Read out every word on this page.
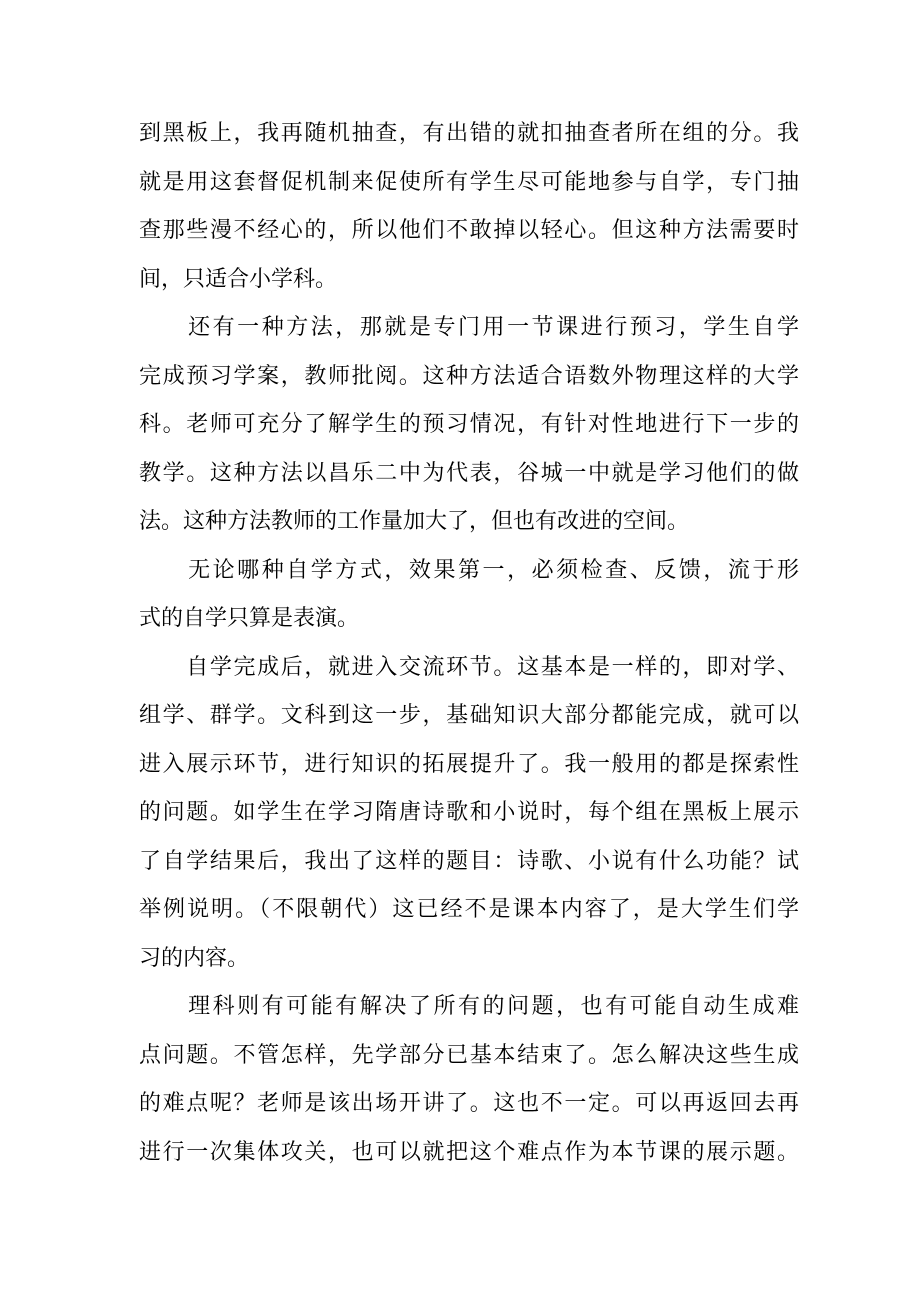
到黑板上，我再随机抽查，有出错的就扣抽查者所在组的分。我
就是用这套督促机制来促使所有学生尽可能地参与自学，专门抽
查那些漫不经心的，所以他们不敢掉以轻心。但这种方法需要时
间，只适合小学科。
　　还有一种方法，那就是专门用一节课进行预习，学生自学
完成预习学案，教师批阅。这种方法适合语数外物理这样的大学
科。老师可充分了解学生的预习情况，有针对性地进行下一步的
教学。这种方法以昌乐二中为代表，谷城一中就是学习他们的做
法。这种方法教师的工作量加大了，但也有改进的空间。
　　无论哪种自学方式，效果第一，必须检查、反馈，流于形
式的自学只算是表演。
　　自学完成后，就进入交流环节。这基本是一样的，即对学、
组学、群学。文科到这一步，基础知识大部分都能完成，就可以
进入展示环节，进行知识的拓展提升了。我一般用的都是探索性
的问题。如学生在学习隋唐诗歌和小说时，每个组在黑板上展示
了自学结果后，我出了这样的题目：诗歌、小说有什么功能？试
举例说明。（不限朝代）这已经不是课本内容了，是大学生们学
习的内容。
　　理科则有可能有解决了所有的问题，也有可能自动生成难
点问题。不管怎样，先学部分已基本结束了。怎么解决这些生成
的难点呢？老师是该出场开讲了。这也不一定。可以再返回去再
进行一次集体攻关，也可以就把这个难点作为本节课的展示题。
